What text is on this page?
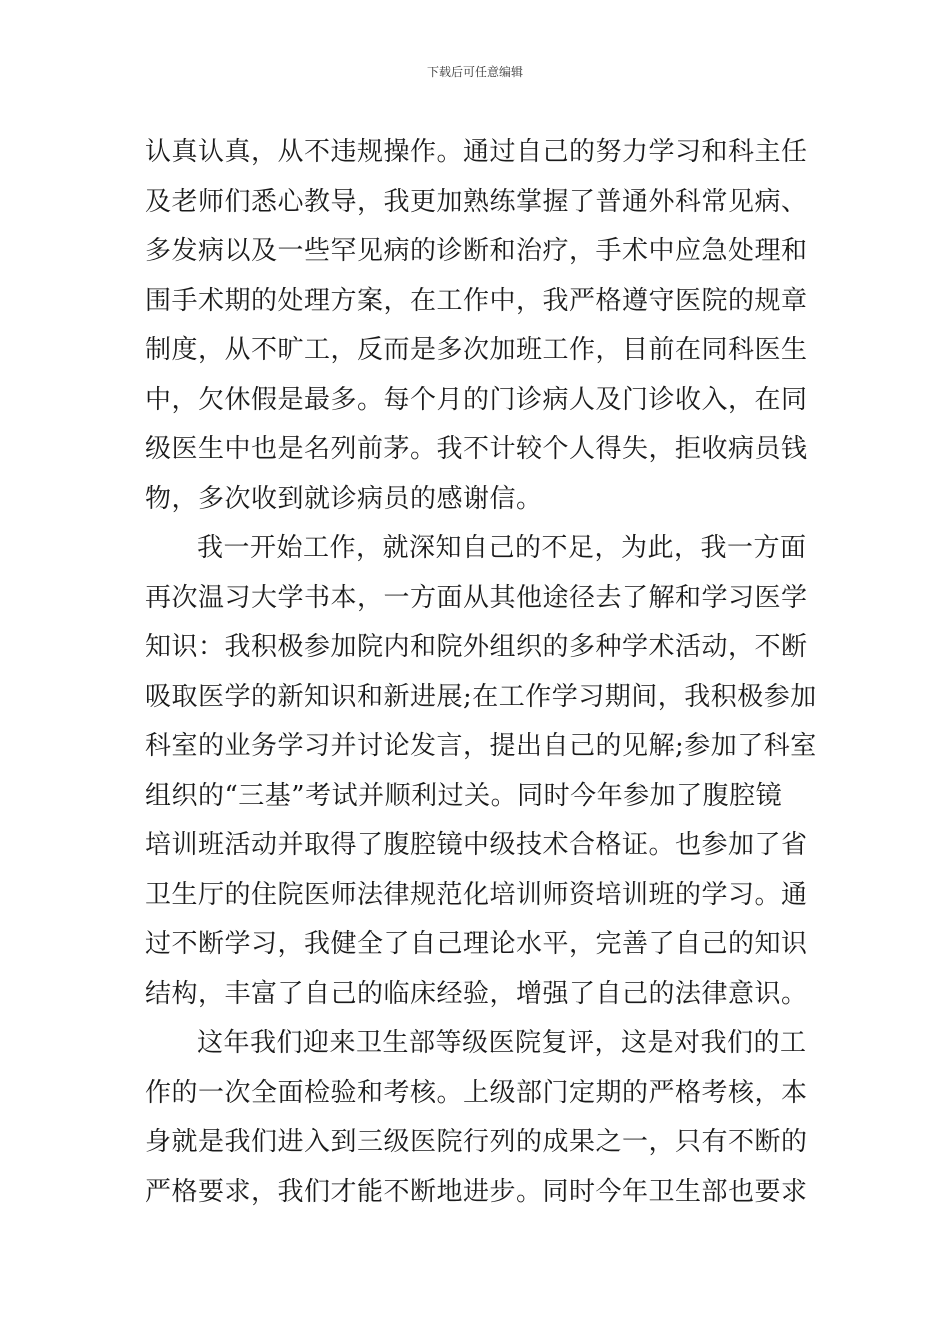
下载后可任意编辑
认真认真，从不违规操作。通过自己的努力学习和科主任
及老师们悉心教导，我更加熟练掌握了普通外科常见病、
多发病以及一些罕见病的诊断和治疗，手术中应急处理和
围手术期的处理方案，在工作中，我严格遵守医院的规章
制度，从不旷工，反而是多次加班工作，目前在同科医生
中，欠休假是最多。每个月的门诊病人及门诊收入，在同
级医生中也是名列前茅。我不计较个人得失，拒收病员钱
物，多次收到就诊病员的感谢信。
我一开始工作，就深知自己的不足，为此，我一方面
再次温习大学书本，一方面从其他途径去了解和学习医学
知识：我积极参加院内和院外组织的多种学术活动，不断
吸取医学的新知识和新进展;在工作学习期间，我积极参加
科室的业务学习并讨论发言，提出自己的见解;参加了科室
组织的“三基”考试并顺利过关。同时今年参加了腹腔镜
培训班活动并取得了腹腔镜中级技术合格证。也参加了省
卫生厅的住院医师法律规范化培训师资培训班的学习。通
过不断学习，我健全了自己理论水平，完善了自己的知识
结构，丰富了自己的临床经验，增强了自己的法律意识。
这年我们迎来卫生部等级医院复评，这是对我们的工
作的一次全面检验和考核。上级部门定期的严格考核，本
身就是我们进入到三级医院行列的成果之一，只有不断的
严格要求，我们才能不断地进步。同时今年卫生部也要求
